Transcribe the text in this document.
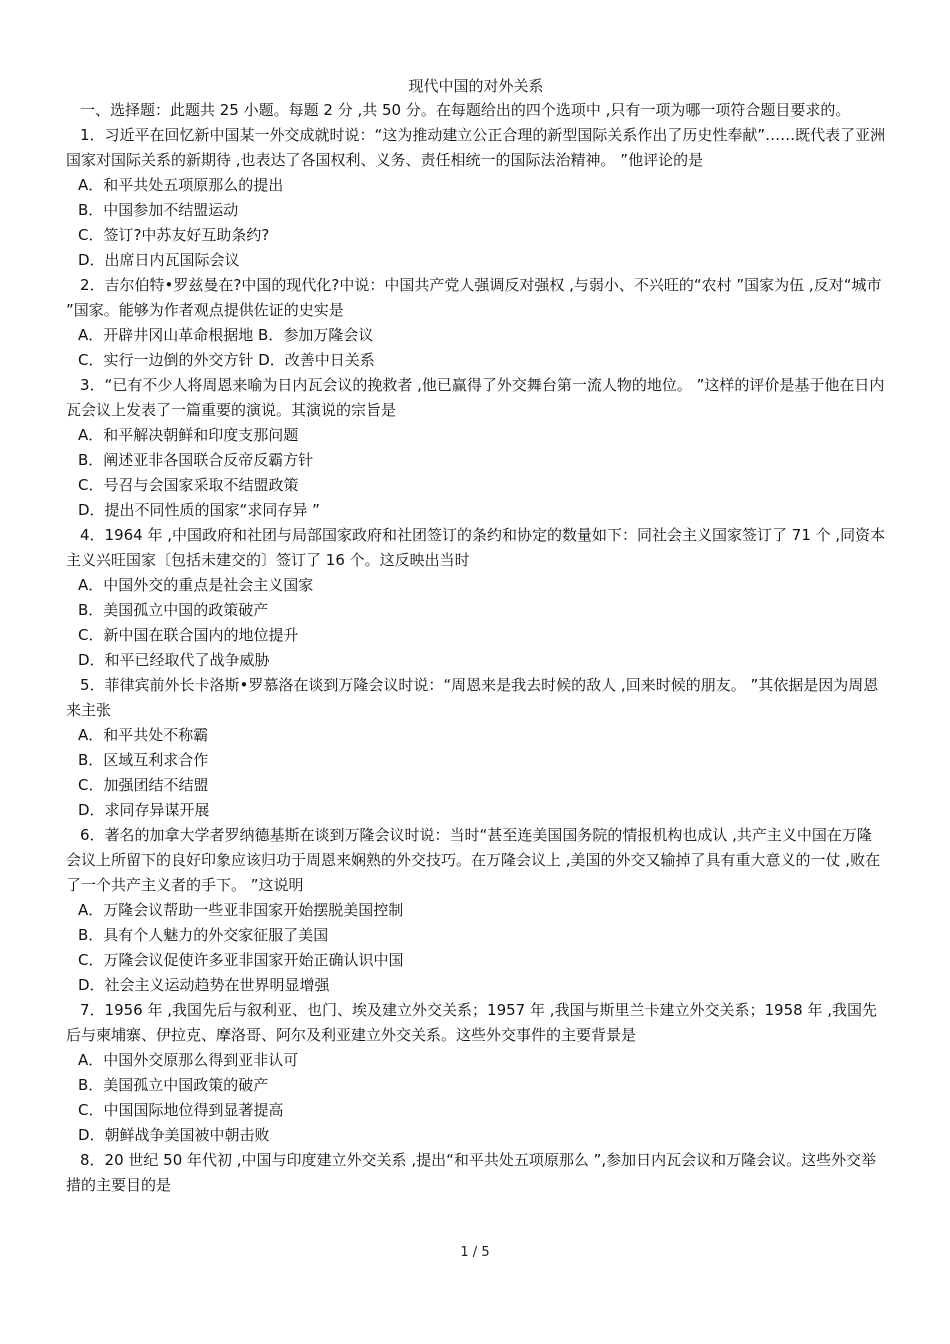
现代中国的对外关系

一、选择题：此题共 25 小题。每题 2 分 ,共 50 分。在每题给出的四个选项中 ,只有一项为哪一项符合题目要求的。

1．习近平在回忆新中国某一外交成就时说：“这为推动建立公正合理的新型国际关系作出了历史性奉献”……既代表了亚洲国家对国际关系的新期待 ,也表达了各国权利、义务、责任相统一的国际法治精神。 ”他评论的是

A．和平共处五项原那么的提出
B．中国参加不结盟运动
C．签订?中苏友好互助条约?
D．出席日内瓦国际会议

2．吉尔伯特•罗兹曼在?中国的现代化?中说：中国共产党人强调反对强权 ,与弱小、不兴旺的“农村 ”国家为伍 ,反对“城市 ”国家。能够为作者观点提供佐证的史实是

A．开辟井冈山革命根据地 B．参加万隆会议
C．实行一边倒的外交方针 D．改善中日关系

3．“已有不少人将周恩来喻为日内瓦会议的挽救者 ,他已赢得了外交舞台第一流人物的地位。 ”这样的评价是基于他在日内瓦会议上发表了一篇重要的演说。其演说的宗旨是

A．和平解决朝鲜和印度支那问题
B．阐述亚非各国联合反帝反霸方针
C．号召与会国家采取不结盟政策
D．提出不同性质的国家“求同存异 ”

4．1964 年 ,中国政府和社团与局部国家政府和社团签订的条约和协定的数量如下：同社会主义国家签订了 71 个 ,同资本主义兴旺国家〔包括未建交的〕签订了 16 个。这反映出当时

A．中国外交的重点是社会主义国家
B．美国孤立中国的政策破产
C．新中国在联合国内的地位提升
D．和平已经取代了战争威胁

5．菲律宾前外长卡洛斯•罗慕洛在谈到万隆会议时说：“周恩来是我去时候的敌人 ,回来时候的朋友。 ”其依据是因为周恩来主张

A．和平共处不称霸
B．区域互利求合作
C．加强团结不结盟
D．求同存异谋开展

6．著名的加拿大学者罗纳德基斯在谈到万隆会议时说：当时“甚至连美国国务院的情报机构也成认 ,共产主义中国在万隆会议上所留下的良好印象应该归功于周恩来娴熟的外交技巧。在万隆会议上 ,美国的外交又输掉了具有重大意义的一仗 ,败在了一个共产主义者的手下。 ”这说明

A．万隆会议帮助一些亚非国家开始摆脱美国控制
B．具有个人魅力的外交家征服了美国
C．万隆会议促使许多亚非国家开始正确认识中国
D．社会主义运动趋势在世界明显增强

7．1956 年 ,我国先后与叙利亚、也门、埃及建立外交关系；1957 年 ,我国与斯里兰卡建立外交关系；1958 年 ,我国先后与柬埔寨、伊拉克、摩洛哥、阿尔及利亚建立外交关系。这些外交事件的主要背景是

A．中国外交原那么得到亚非认可
B．美国孤立中国政策的破产
C．中国国际地位得到显著提高
D．朝鲜战争美国被中朝击败

8．20 世纪 50 年代初 ,中国与印度建立外交关系 ,提出“和平共处五项原那么 ”,参加日内瓦会议和万隆会议。这些外交举措的主要目的是

1 / 5
